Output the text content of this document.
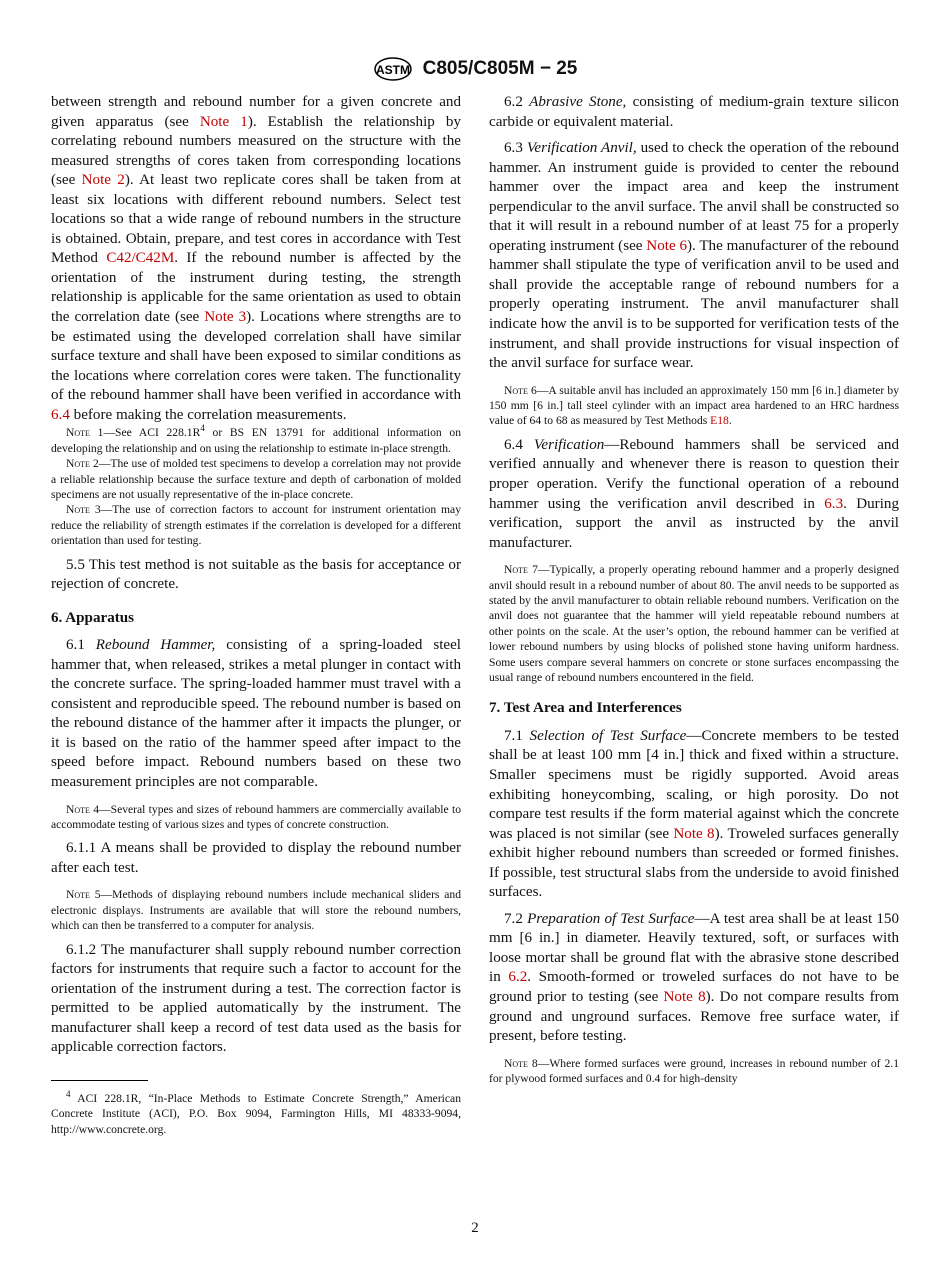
ASTM C805/C805M − 25

between strength and rebound number for a given concrete and given apparatus (see Note 1). Establish the relationship by correlating rebound numbers measured on the structure with the measured strengths of cores taken from corresponding locations (see Note 2). At least two replicate cores shall be taken from at least six locations with different rebound numbers. Select test locations so that a wide range of rebound numbers in the structure is obtained. Obtain, prepare, and test cores in accordance with Test Method C42/C42M. If the rebound number is affected by the orientation of the instrument during testing, the strength relationship is applicable for the same orientation as used to obtain the correlation date (see Note 3). Locations where strengths are to be estimated using the developed correlation shall have similar surface texture and shall have been exposed to similar conditions as the locations where correlation cores were taken. The functionality of the rebound hammer shall have been verified in accordance with 6.4 before making the correlation measurements.

Note 1—See ACI $228.1R^4$ or BS EN 13791 for additional information on developing the relationship and on using the relationship to estimate in-place strength.

Note 2—The use of molded test specimens to develop a correlation may not provide a reliable relationship because the surface texture and depth of carbonation of molded specimens are not usually representative of the in-place concrete.

Note 3—The use of correction factors to account for instrument orientation may reduce the reliability of strength estimates if the correlation is developed for a different orientation than used for testing.

5.5 This test method is not suitable as the basis for acceptance or rejection of concrete.

6. Apparatus

6.1 Rebound Hammer, consisting of a spring-loaded steel hammer that, when released, strikes a metal plunger in contact with the concrete surface. The spring-loaded hammer must travel with a consistent and reproducible speed. The rebound number is based on the rebound distance of the hammer after it impacts the plunger, or it is based on the ratio of the hammer speed after impact to the speed before impact. Rebound numbers based on these two measurement principles are not comparable.

Note 4—Several types and sizes of rebound hammers are commercially available to accommodate testing of various sizes and types of concrete construction.

6.1.1 A means shall be provided to display the rebound number after each test.

Note 5—Methods of displaying rebound numbers include mechanical sliders and electronic displays. Instruments are available that will store the rebound numbers, which can then be transferred to a computer for analysis.

6.1.2 The manufacturer shall supply rebound number correction factors for instruments that require such a factor to account for the orientation of the instrument during a test. The correction factor is permitted to be applied automatically by the instrument. The manufacturer shall keep a record of test data used as the basis for applicable correction factors.

$^4$ ACI 228.1R, “In-Place Methods to Estimate Concrete Strength,” American Concrete Institute (ACI), P.O. Box 9094, Farmington Hills, MI 48333-9094, http://www.concrete.org.

6.2 Abrasive Stone, consisting of medium-grain texture silicon carbide or equivalent material.

6.3 Verification Anvil, used to check the operation of the rebound hammer. An instrument guide is provided to center the rebound hammer over the impact area and keep the instrument perpendicular to the anvil surface. The anvil shall be constructed so that it will result in a rebound number of at least 75 for a properly operating instrument (see Note 6). The manufacturer of the rebound hammer shall stipulate the type of verification anvil to be used and shall provide the acceptable range of rebound numbers for a properly operating instrument. The anvil manufacturer shall indicate how the anvil is to be supported for verification tests of the instrument, and shall provide instructions for visual inspection of the anvil surface for surface wear.

Note 6—A suitable anvil has included an approximately 150 mm [6 in.] diameter by 150 mm [6 in.] tall steel cylinder with an impact area hardened to an HRC hardness value of 64 to 68 as measured by Test Methods E18.

6.4 Verification—Rebound hammers shall be serviced and verified annually and whenever there is reason to question their proper operation. Verify the functional operation of a rebound hammer using the verification anvil described in 6.3. During verification, support the anvil as instructed by the anvil manufacturer.

Note 7—Typically, a properly operating rebound hammer and a properly designed anvil should result in a rebound number of about 80. The anvil needs to be supported as stated by the anvil manufacturer to obtain reliable rebound numbers. Verification on the anvil does not guarantee that the hammer will yield repeatable rebound numbers at other points on the scale. At the user’s option, the rebound hammer can be verified at lower rebound numbers by using blocks of polished stone having uniform hardness. Some users compare several hammers on concrete or stone surfaces encompassing the usual range of rebound numbers encountered in the field.

7. Test Area and Interferences

7.1 Selection of Test Surface—Concrete members to be tested shall be at least 100 mm [4 in.] thick and fixed within a structure. Smaller specimens must be rigidly supported. Avoid areas exhibiting honeycombing, scaling, or high porosity. Do not compare test results if the form material against which the concrete was placed is not similar (see Note 8). Troweled surfaces generally exhibit higher rebound numbers than screeded or formed finishes. If possible, test structural slabs from the underside to avoid finished surfaces.

7.2 Preparation of Test Surface—A test area shall be at least 150 mm [6 in.] in diameter. Heavily textured, soft, or surfaces with loose mortar shall be ground flat with the abrasive stone described in 6.2. Smooth-formed or troweled surfaces do not have to be ground prior to testing (see Note 8). Do not compare results from ground and unground surfaces. Remove free surface water, if present, before testing.

Note 8—Where formed surfaces were ground, increases in rebound number of 2.1 for plywood formed surfaces and 0.4 for high-density

2
